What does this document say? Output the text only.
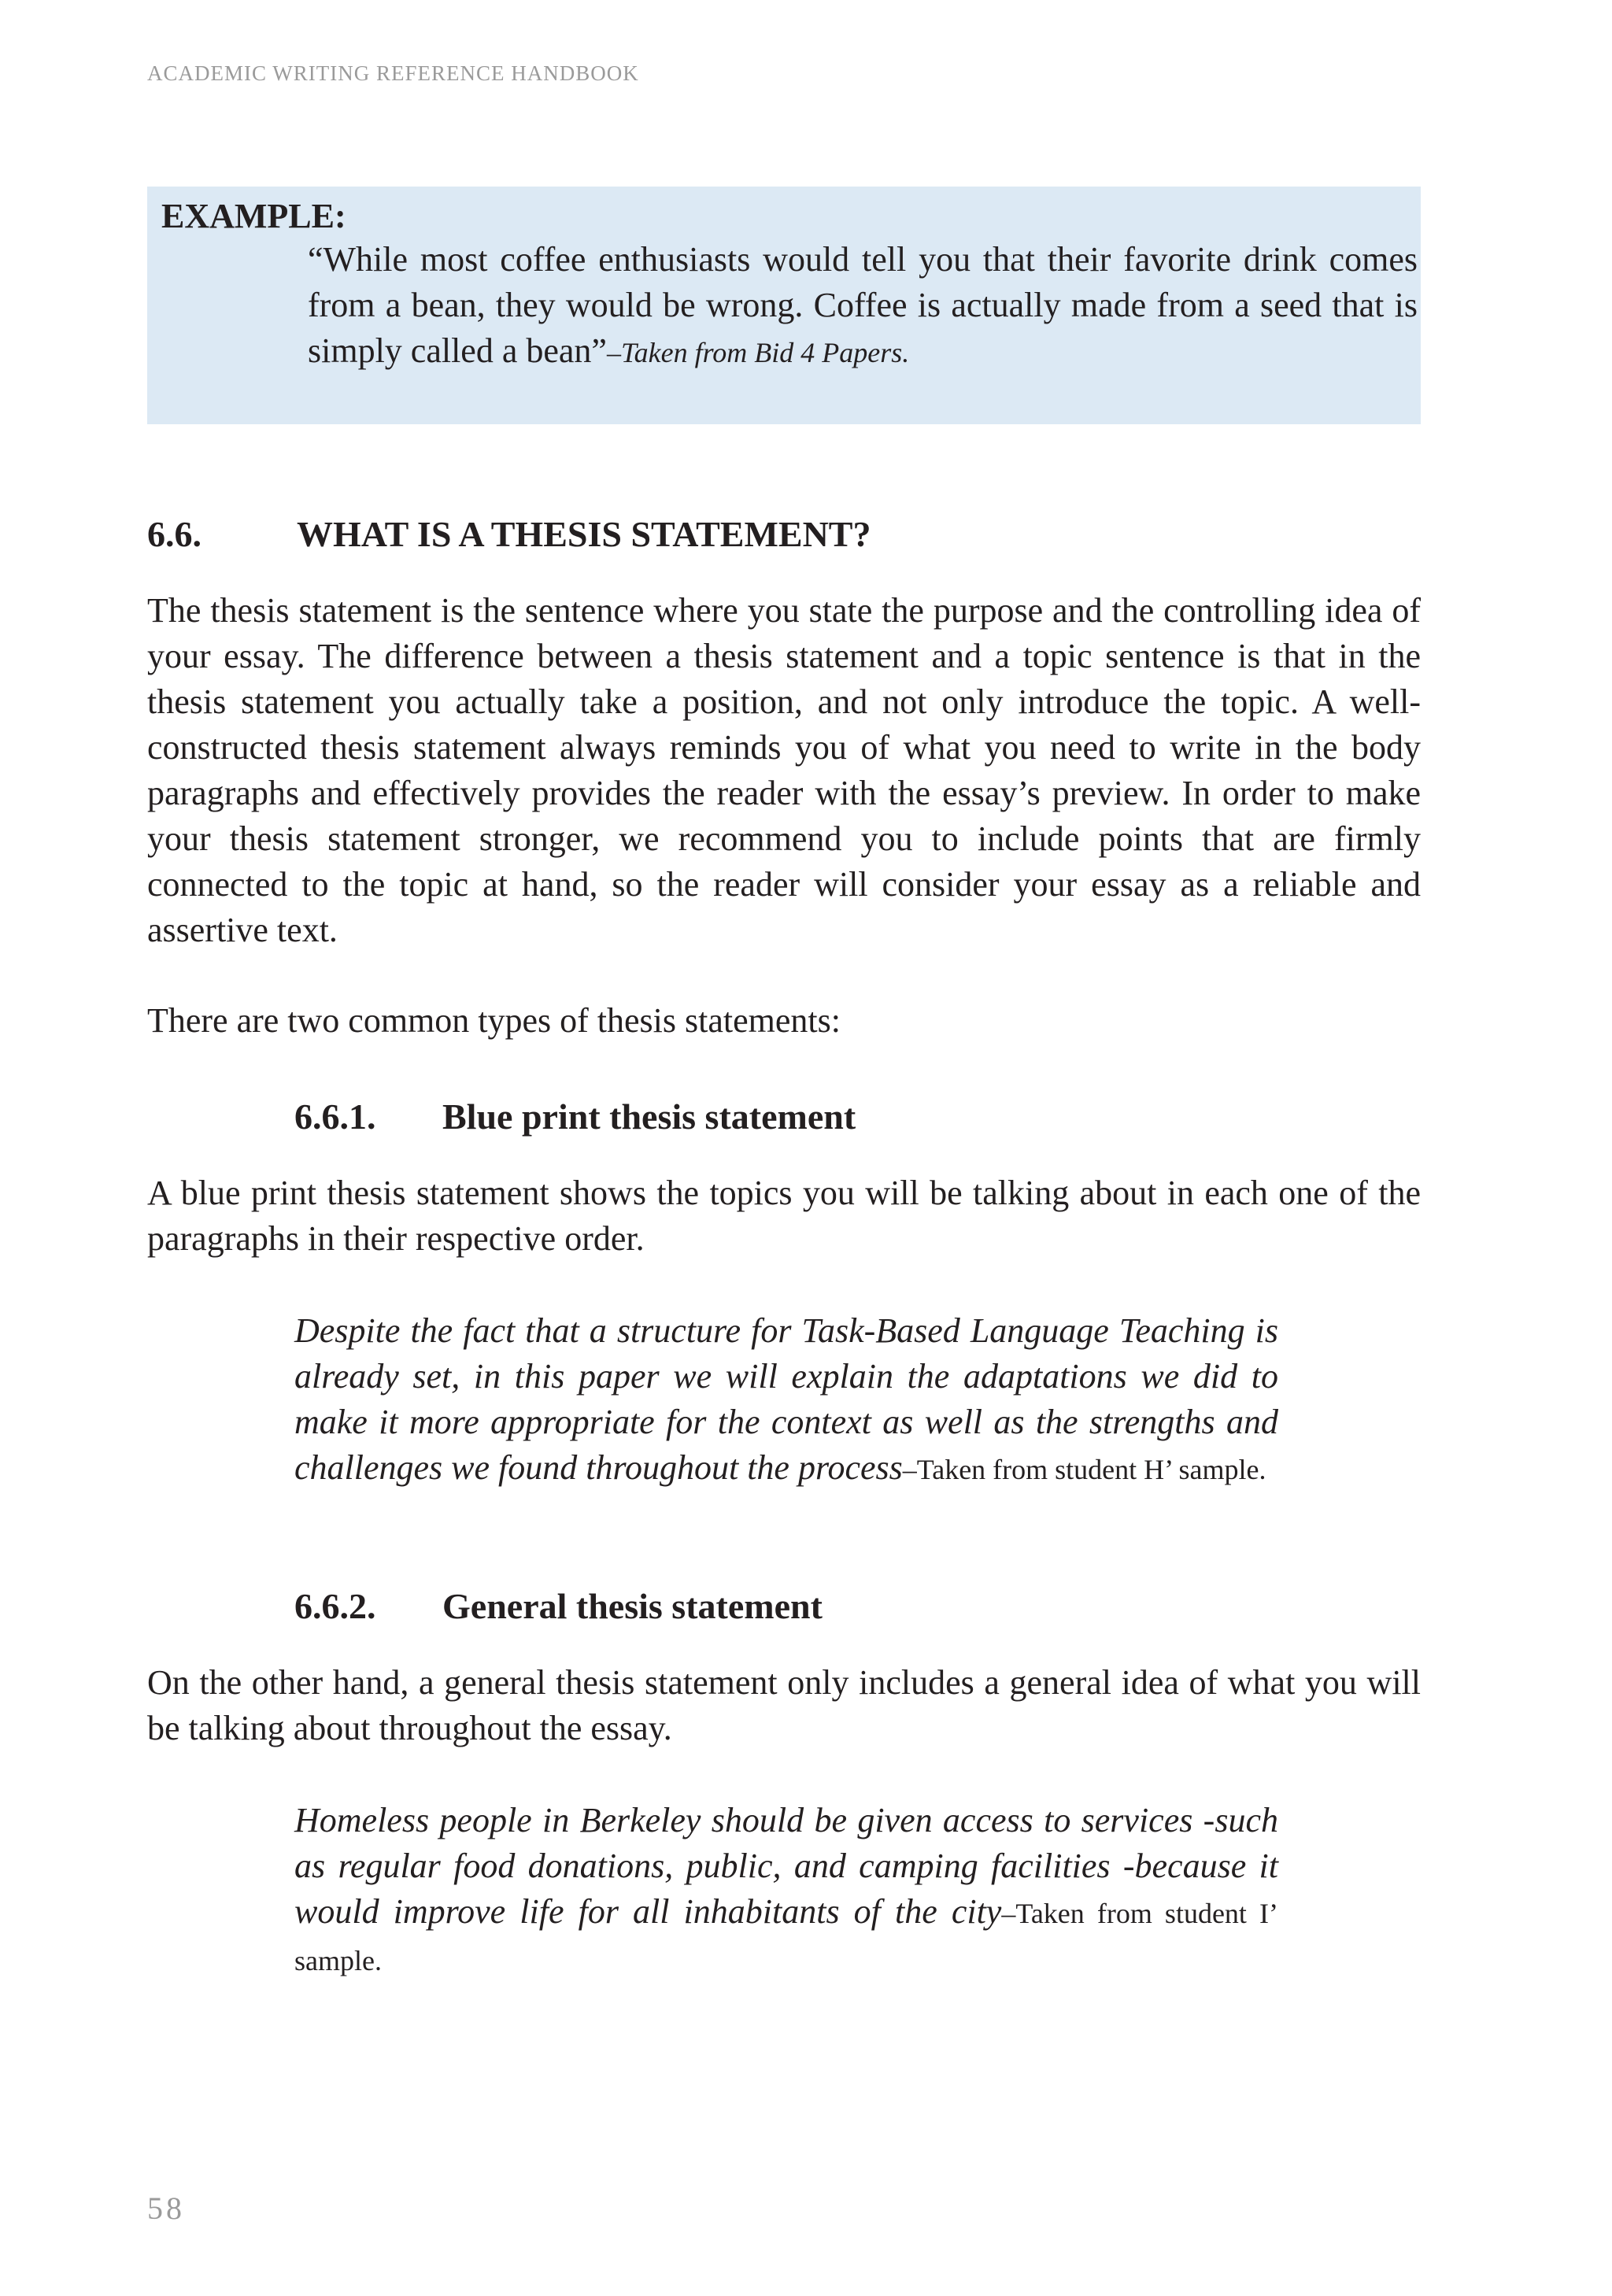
ACADEMIC WRITING REFERENCE HANDBOOK
EXAMPLE:
“While most coffee enthusiasts would tell you that their favorite drink comes from a bean, they would be wrong. Coffee is actually made from a seed that is simply called a bean”–Taken from Bid 4 Papers.
6.6.	WHAT IS A THESIS STATEMENT?
The thesis statement is the sentence where you state the purpose and the controlling idea of your essay. The difference between a thesis statement and a topic sentence is that in the thesis statement you actually take a position, and not only introduce the topic. A well-constructed thesis statement always reminds you of what you need to write in the body paragraphs and effectively provides the reader with the essay’s preview. In order to make your thesis statement stronger, we recommend you to include points that are firmly connected to the topic at hand, so the reader will consider your essay as a reliable and assertive text.
There are two common types of thesis statements:
6.6.1. Blue print thesis statement
A blue print thesis statement shows the topics you will be talking about in each one of the paragraphs in their respective order.
Despite the fact that a structure for Task-Based Language Teaching is already set, in this paper we will explain the adaptations we did to make it more appropriate for the context as well as the strengths and challenges we found throughout the process–Taken from student H’ sample.
6.6.2. General thesis statement
On the other hand, a general thesis statement only includes a general idea of what you will be talking about throughout the essay.
Homeless people in Berkeley should be given access to services -such as regular food donations, public, and camping facilities -because it would improve life for all inhabitants of the city–Taken from student I’ sample.
58
